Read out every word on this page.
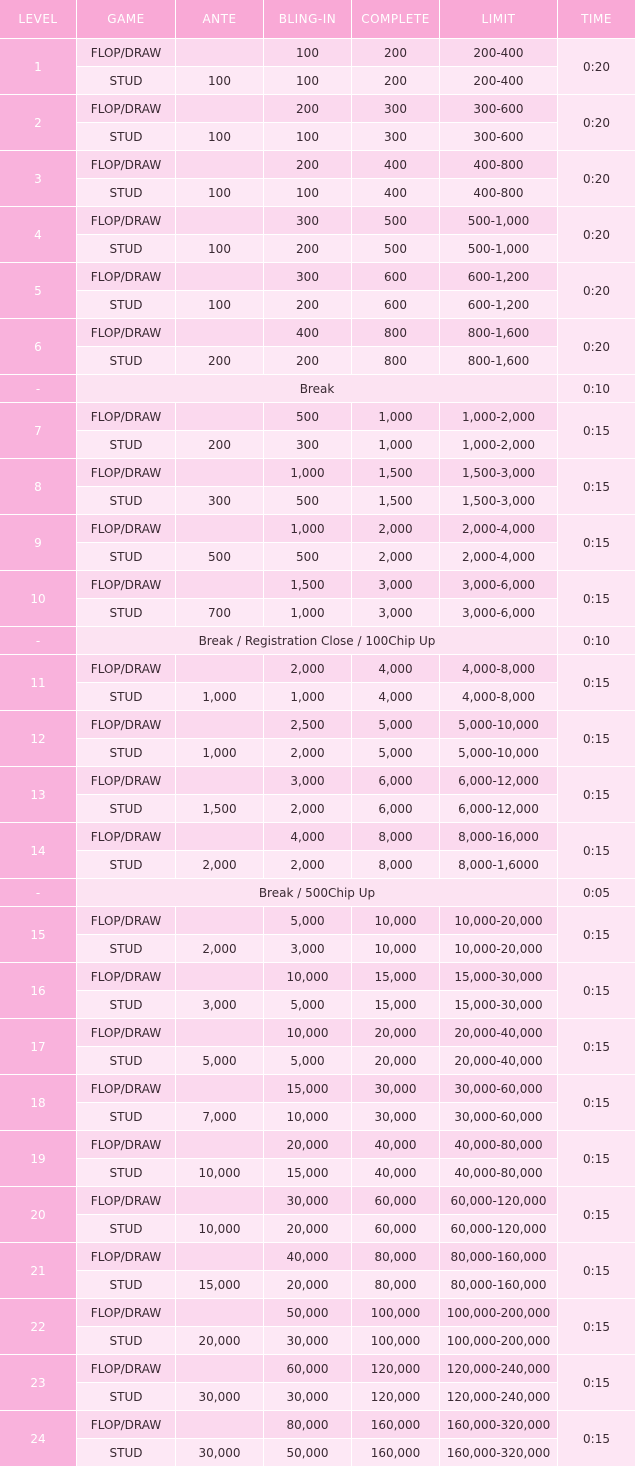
LEVEL	GAME	ANTE	BLING-IN	COMPLETE	LIMIT	TIME
1	FLOP/DRAW		100	200	200-400	0:20
	STUD	100	100	200	200-400	
2	FLOP/DRAW		200	300	300-600	0:20
	STUD	100	100	300	300-600	
3	FLOP/DRAW		200	400	400-800	0:20
	STUD	100	100	400	400-800	
4	FLOP/DRAW		300	500	500-1,000	0:20
	STUD	100	200	500	500-1,000	
5	FLOP/DRAW		300	600	600-1,200	0:20
	STUD	100	200	600	600-1,200	
6	FLOP/DRAW		400	800	800-1,600	0:20
	STUD	200	200	800	800-1,600	
-	Break					0:10
7	FLOP/DRAW		500	1,000	1,000-2,000	0:15
	STUD	200	300	1,000	1,000-2,000	
8	FLOP/DRAW		1,000	1,500	1,500-3,000	0:15
	STUD	300	500	1,500	1,500-3,000	
9	FLOP/DRAW		1,000	2,000	2,000-4,000	0:15
	STUD	500	500	2,000	2,000-4,000	
10	FLOP/DRAW		1,500	3,000	3,000-6,000	0:15
	STUD	700	1,000	3,000	3,000-6,000	
-	Break / Registration Close / 100Chip Up					0:10
11	FLOP/DRAW		2,000	4,000	4,000-8,000	0:15
	STUD	1,000	1,000	4,000	4,000-8,000	
12	FLOP/DRAW		2,500	5,000	5,000-10,000	0:15
	STUD	1,000	2,000	5,000	5,000-10,000	
13	FLOP/DRAW		3,000	6,000	6,000-12,000	0:15
	STUD	1,500	2,000	6,000	6,000-12,000	
14	FLOP/DRAW		4,000	8,000	8,000-16,000	0:15
	STUD	2,000	2,000	8,000	8,000-1,6000	
-	Break / 500Chip Up					0:05
15	FLOP/DRAW		5,000	10,000	10,000-20,000	0:15
	STUD	2,000	3,000	10,000	10,000-20,000	
16	FLOP/DRAW		10,000	15,000	15,000-30,000	0:15
	STUD	3,000	5,000	15,000	15,000-30,000	
17	FLOP/DRAW		10,000	20,000	20,000-40,000	0:15
	STUD	5,000	5,000	20,000	20,000-40,000	
18	FLOP/DRAW		15,000	30,000	30,000-60,000	0:15
	STUD	7,000	10,000	30,000	30,000-60,000	
19	FLOP/DRAW		20,000	40,000	40,000-80,000	0:15
	STUD	10,000	15,000	40,000	40,000-80,000	
20	FLOP/DRAW		30,000	60,000	60,000-120,000	0:15
	STUD	10,000	20,000	60,000	60,000-120,000	
21	FLOP/DRAW		40,000	80,000	80,000-160,000	0:15
	STUD	15,000	20,000	80,000	80,000-160,000	
22	FLOP/DRAW		50,000	100,000	100,000-200,000	0:15
	STUD	20,000	30,000	100,000	100,000-200,000	
23	FLOP/DRAW		60,000	120,000	120,000-240,000	0:15
	STUD	30,000	30,000	120,000	120,000-240,000	
24	FLOP/DRAW		80,000	160,000	160,000-320,000	0:15
	STUD	30,000	50,000	160,000	160,000-320,000	
